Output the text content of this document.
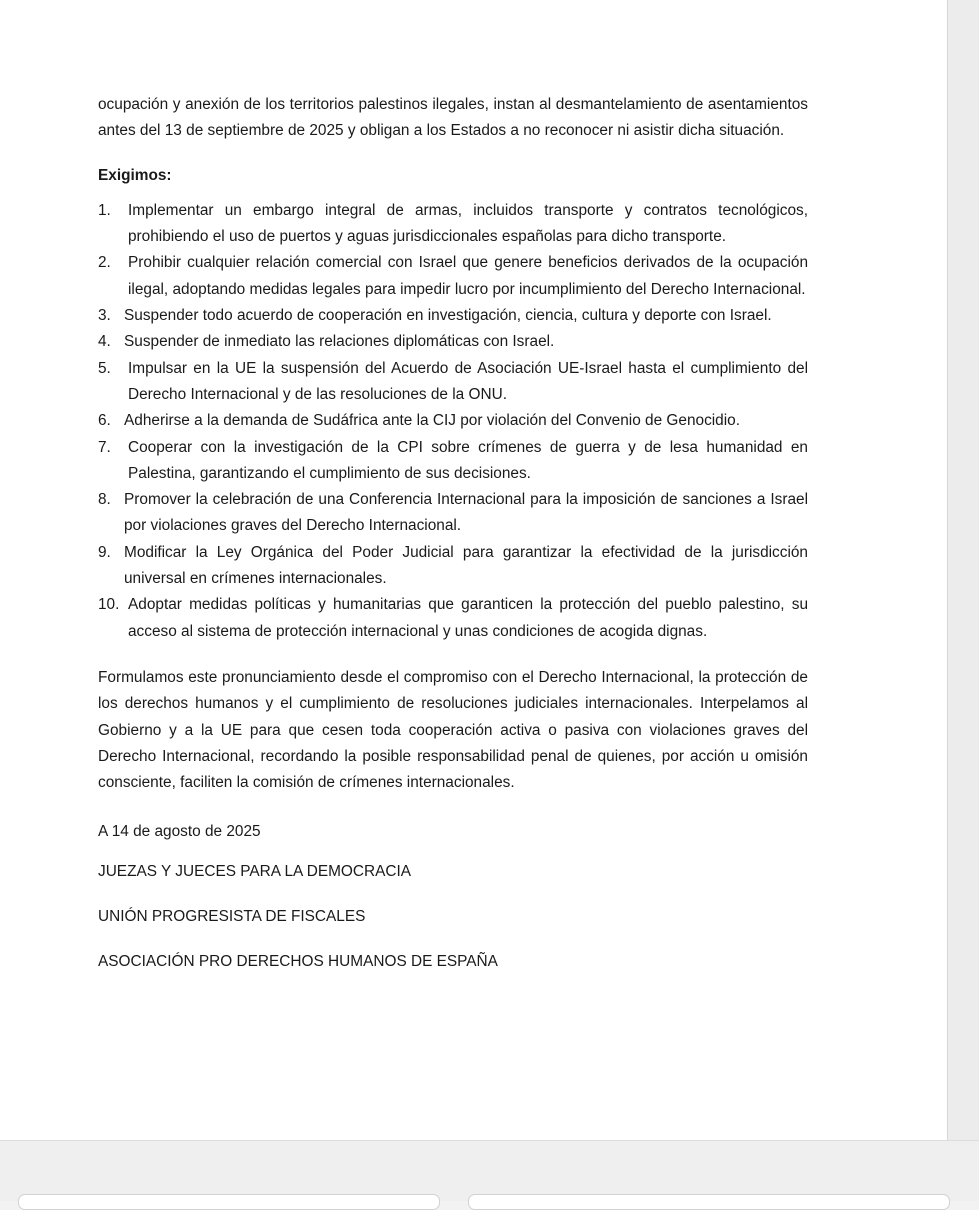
ocupación y anexión de los territorios palestinos ilegales, instan al desmantelamiento de asentamientos antes del 13 de septiembre de 2025 y obligan a los Estados a no reconocer ni asistir dicha situación.

Exigimos:

1.	Implementar un embargo integral de armas, incluidos transporte y contratos tecnológicos, prohibiendo el uso de puertos y aguas jurisdiccionales españolas para dicho transporte.
2.	Prohibir cualquier relación comercial con Israel que genere beneficios derivados de la ocupación ilegal, adoptando medidas legales para impedir lucro por incumplimiento del Derecho Internacional.
3. Suspender todo acuerdo de cooperación en investigación, ciencia, cultura y deporte con Israel.
4. Suspender de inmediato las relaciones diplomáticas con Israel.
5.	Impulsar en la UE la suspensión del Acuerdo de Asociación UE-Israel hasta el cumplimiento del Derecho Internacional y de las resoluciones de la ONU.
6. Adherirse a la demanda de Sudáfrica ante la CIJ por violación del Convenio de Genocidio.
7.	Cooperar con la investigación de la CPI sobre crímenes de guerra y de lesa humanidad en Palestina, garantizando el cumplimiento de sus decisiones.
8. Promover la celebración de una Conferencia Internacional para la imposición de sanciones a Israel por violaciones graves del Derecho Internacional.
9. Modificar la Ley Orgánica del Poder Judicial para garantizar la efectividad de la jurisdicción universal en crímenes internacionales.
10. Adoptar medidas políticas y humanitarias que garanticen la protección del pueblo palestino, su acceso al sistema de protección internacional y unas condiciones de acogida dignas.

Formulamos este pronunciamiento desde el compromiso con el Derecho Internacional, la protección de los derechos humanos y el cumplimiento de resoluciones judiciales internacionales. Interpelamos al Gobierno y a la UE para que cesen toda cooperación activa o pasiva con violaciones graves del Derecho Internacional, recordando la posible responsabilidad penal de quienes, por acción u omisión consciente, faciliten la comisión de crímenes internacionales.

A 14 de agosto de 2025

JUEZAS Y JUECES PARA LA DEMOCRACIA

UNIÓN PROGRESISTA DE FISCALES

ASOCIACIÓN PRO DERECHOS HUMANOS DE ESPAÑA
